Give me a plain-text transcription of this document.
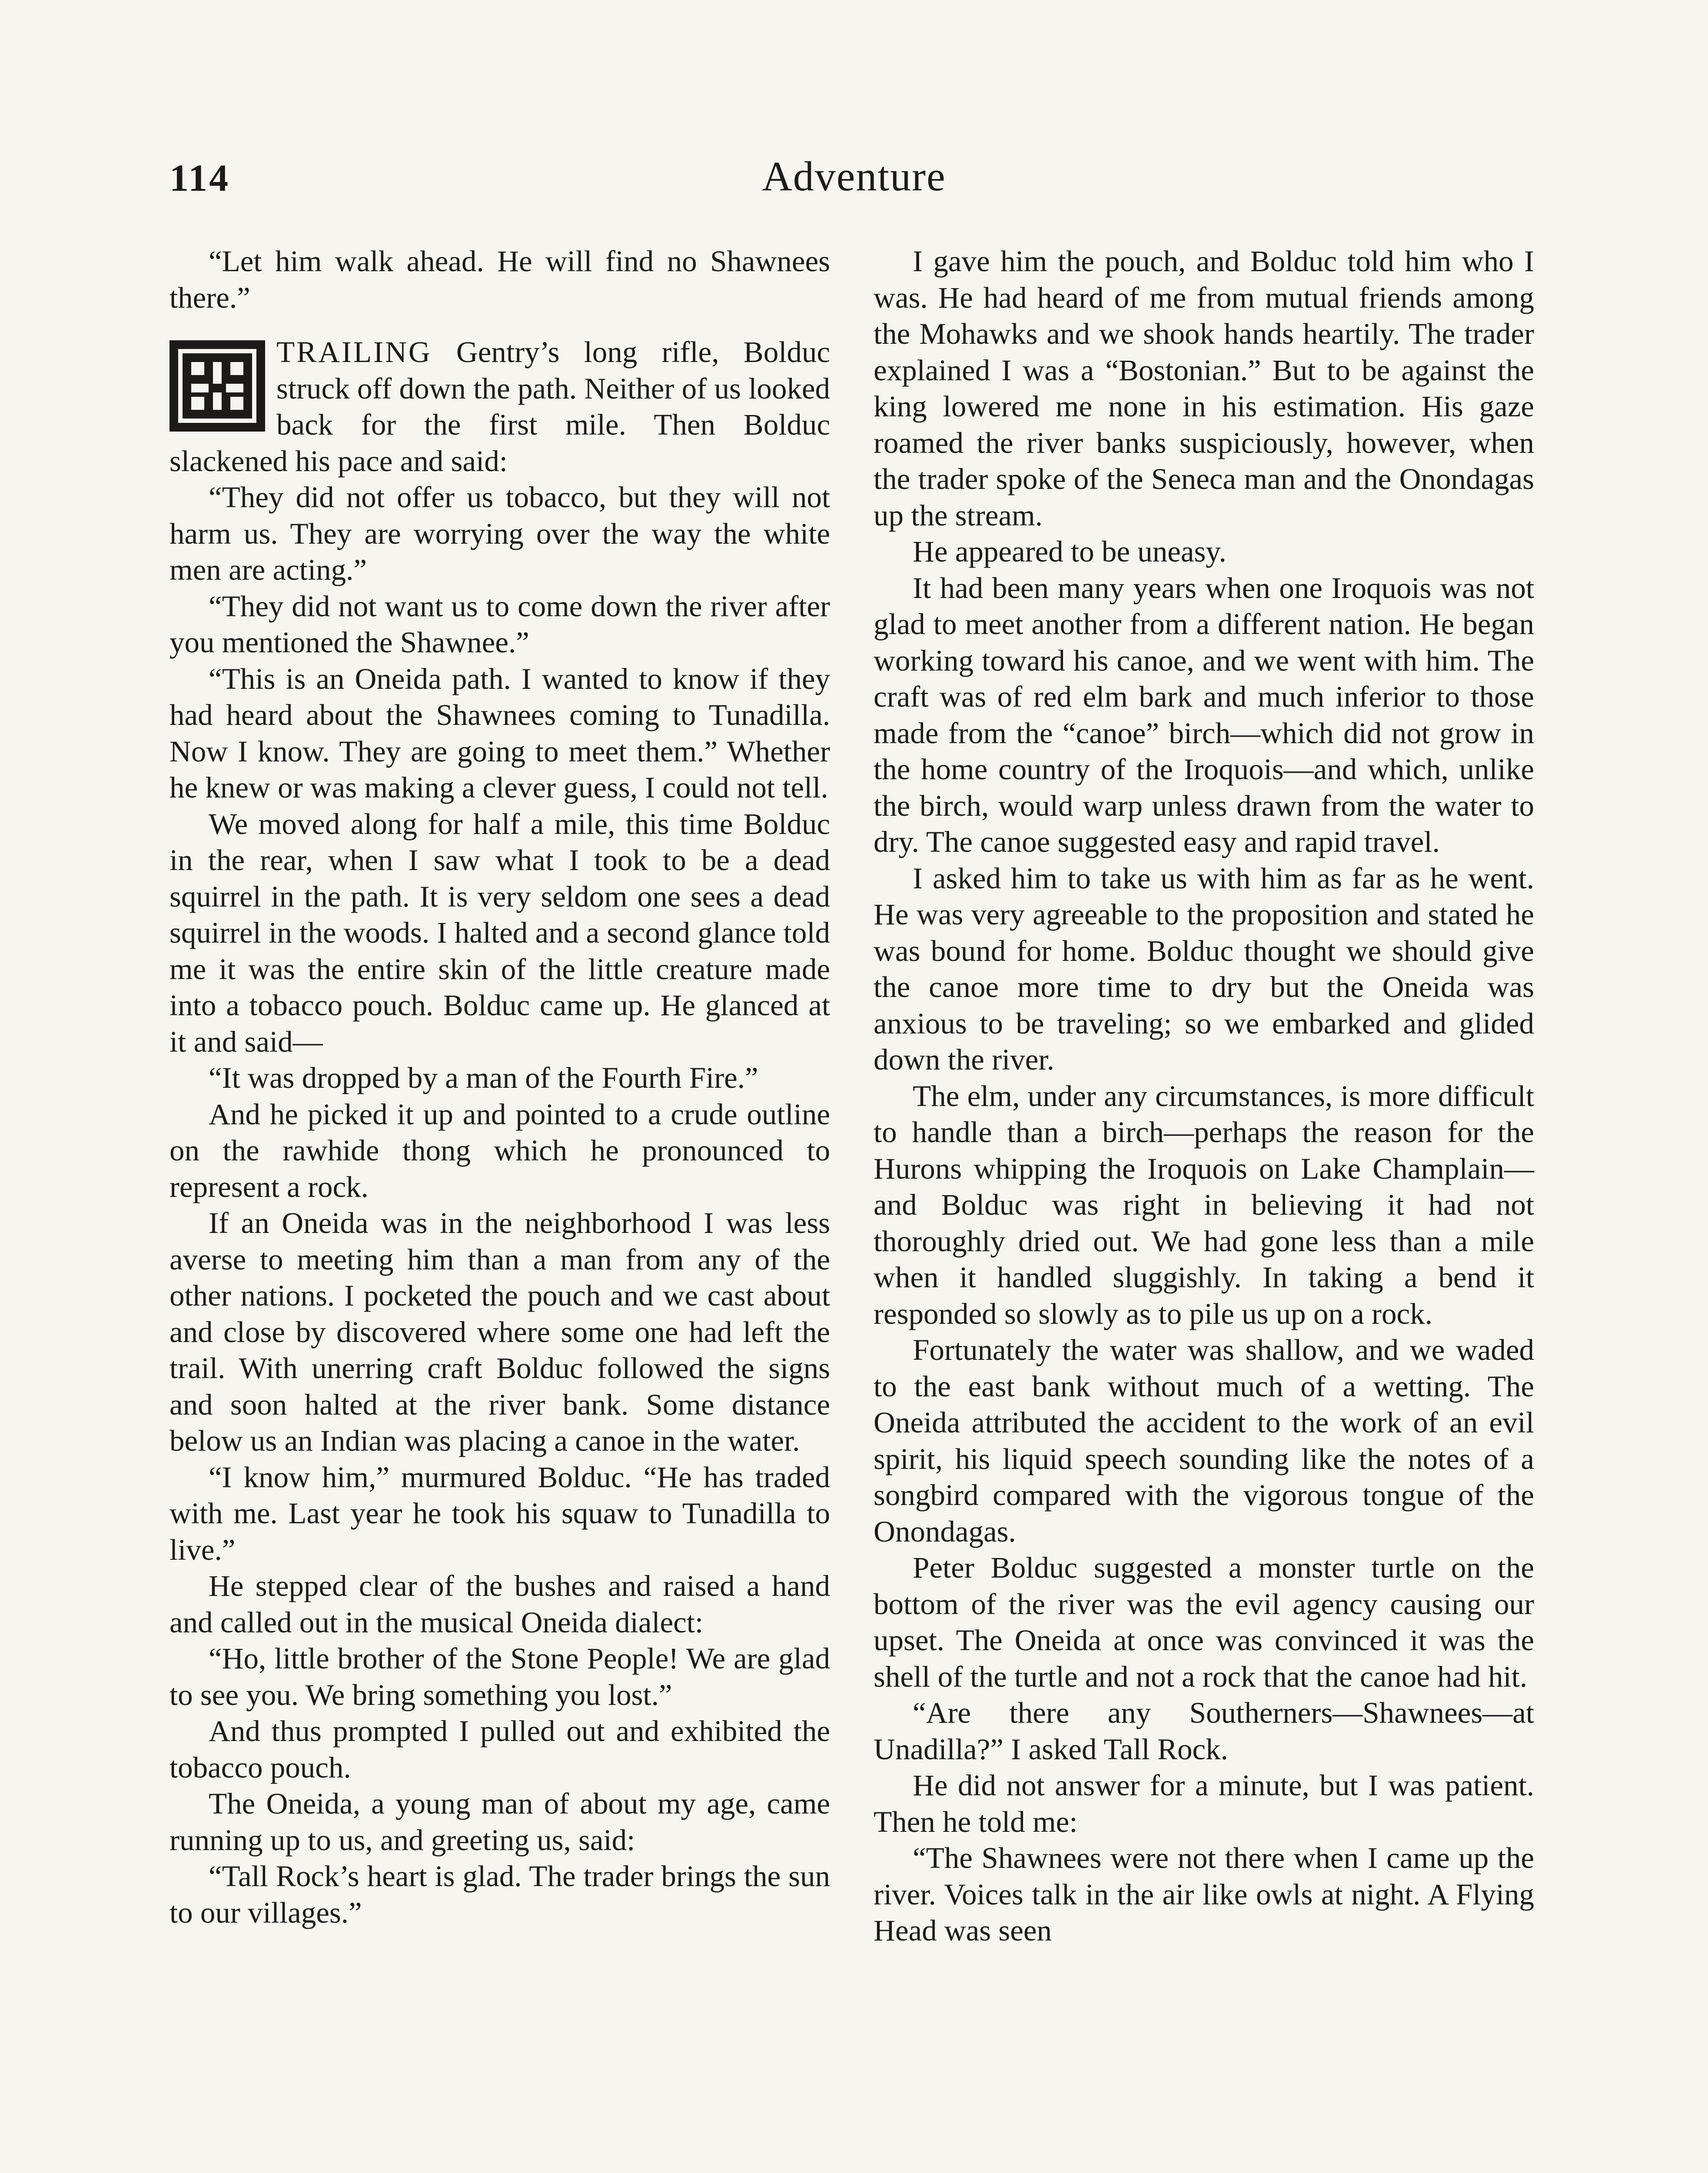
114	Adventure

“Let him walk ahead. He will find no Shawnees there.”

TRAILING Gentry’s long rifle, Bolduc struck off down the path. Neither of us looked back for the first mile. Then Bolduc slackened his pace and said:

“They did not offer us tobacco, but they will not harm us. They are worrying over the way the white men are acting.”

“They did not want us to come down the river after you mentioned the Shawnee.”

“This is an Oneida path. I wanted to know if they had heard about the Shawnees coming to Tunadilla. Now I know. They are going to meet them.” Whether he knew or was making a clever guess, I could not tell.

We moved along for half a mile, this time Bolduc in the rear, when I saw what I took to be a dead squirrel in the path. It is very seldom one sees a dead squirrel in the woods. I halted and a second glance told me it was the entire skin of the little creature made into a tobacco pouch. Bolduc came up. He glanced at it and said—

“It was dropped by a man of the Fourth Fire.”

And he picked it up and pointed to a crude outline on the rawhide thong which he pronounced to represent a rock.

If an Oneida was in the neighborhood I was less averse to meeting him than a man from any of the other nations. I pocketed the pouch and we cast about and close by discovered where some one had left the trail. With unerring craft Bolduc followed the signs and soon halted at the river bank. Some distance below us an Indian was placing a canoe in the water.

“I know him,” murmured Bolduc. “He has traded with me. Last year he took his squaw to Tunadilla to live.”

He stepped clear of the bushes and raised a hand and called out in the musical Oneida dialect:

“Ho, little brother of the Stone People! We are glad to see you. We bring something you lost.”

And thus prompted I pulled out and exhibited the tobacco pouch.

The Oneida, a young man of about my age, came running up to us, and greeting us, said:

“Tall Rock’s heart is glad. The trader brings the sun to our villages.”

I gave him the pouch, and Bolduc told him who I was. He had heard of me from mutual friends among the Mohawks and we shook hands heartily. The trader explained I was a “Bostonian.” But to be against the king lowered me none in his estimation. His gaze roamed the river banks suspiciously, however, when the trader spoke of the Seneca man and the Onondagas up the stream.

He appeared to be uneasy.

It had been many years when one Iroquois was not glad to meet another from a different nation. He began working toward his canoe, and we went with him. The craft was of red elm bark and much inferior to those made from the “canoe” birch—which did not grow in the home country of the Iroquois—and which, unlike the birch, would warp unless drawn from the water to dry. The canoe suggested easy and rapid travel.

I asked him to take us with him as far as he went. He was very agreeable to the proposition and stated he was bound for home. Bolduc thought we should give the canoe more time to dry but the Oneida was anxious to be traveling; so we embarked and glided down the river.

The elm, under any circumstances, is more difficult to handle than a birch—perhaps the reason for the Hurons whipping the Iroquois on Lake Champlain—and Bolduc was right in believing it had not thoroughly dried out. We had gone less than a mile when it handled sluggishly. In taking a bend it responded so slowly as to pile us up on a rock.

Fortunately the water was shallow, and we waded to the east bank without much of a wetting. The Oneida attributed the accident to the work of an evil spirit, his liquid speech sounding like the notes of a songbird compared with the vigorous tongue of the Onondagas.

Peter Bolduc suggested a monster turtle on the bottom of the river was the evil agency causing our upset. The Oneida at once was convinced it was the shell of the turtle and not a rock that the canoe had hit.

“Are there any Southerners—Shawnees—at Unadilla?” I asked Tall Rock.

He did not answer for a minute, but I was patient. Then he told me:

“The Shawnees were not there when I came up the river. Voices talk in the air like owls at night. A Flying Head was seen
